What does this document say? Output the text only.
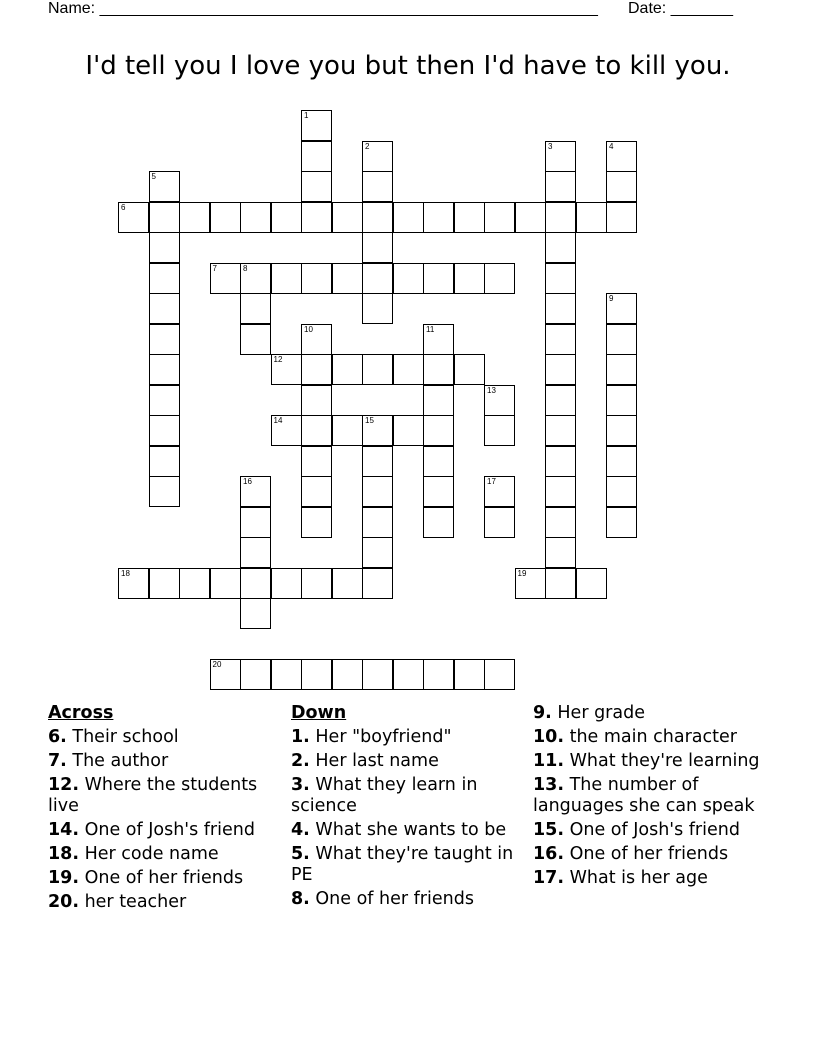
Name: ________________________________________________________ Date: _______
I'd tell you I love you but then I'd have to kill you.
6
7	8
12
14	15
18	19
20
1
2	3	4
5
9
10	11
13
16	17
Across
6. Their school
7. The author
12. Where the students live
14. One of Josh's friend
18. Her code name
19. One of her friends
20. her teacher
Down
1. Her "boyfriend"
2. Her last name
3. What they learn in science
4. What she wants to be
5. What they're taught in PE
8. One of her friends
9. Her grade
10. the main character
11. What they're learning
13. The number of languages she can speak
15. One of Josh's friend
16. One of her friends
17. What is her age
